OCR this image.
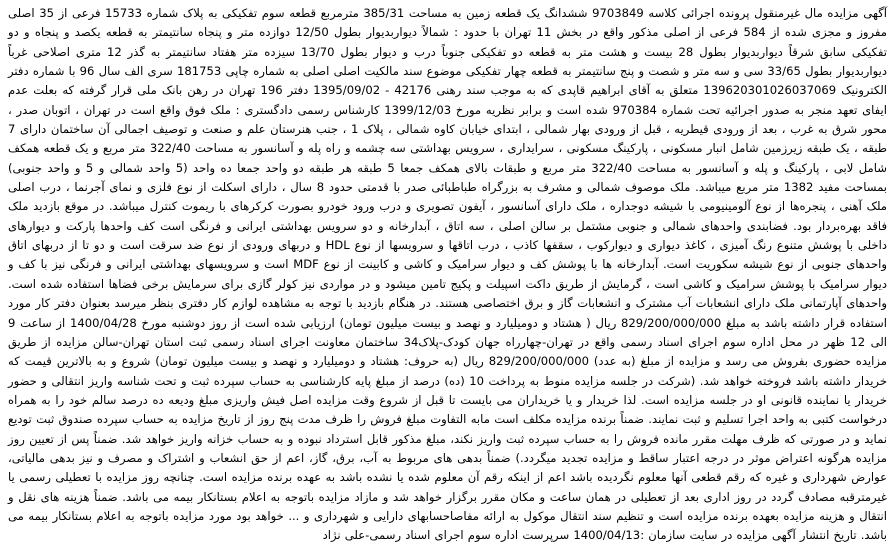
آگهی مزایده مال غیرمنقول پرونده اجرائی کلاسه 9703849 ششدانگ یک قطعه زمین به مساحت 385/31 مترمربع قطعه سوم تفکیکی به پلاک شماره 15733 فرعی از 35 اصلی مفروز و مجزی شده از 584 فرعی از اصلی مذکور واقع در بخش 11 تهران با حدود : شمالاً دیواربدیوار بطول 12/50 دوازده متر و پنجاه سانتیمتر به قطعه یکصد و پنجاه و دو تفکیکی سابق شرقاً دیواربدیوار بطول 28 بیست و هشت متر به قطعه دو تفکیکی جنوباً درب و دیوار بطول 13/70 سیزده متر هفتاد سانتیمتر به گذر 12 متری اصلاحی غرباً دیواربدیوار بطول 33/65 سی و سه متر و شصت و پنج سانتیمتر به قطعه چهار تفکیکی موضوع سند مالکیت اصلی اصلی به شماره چاپی 181753 سری الف سال 96 با شماره دفتر الکترونیک 139620301026037069 متعلق به آقای ابراهیم قاپدی که به موجب سند رهنی 42176 - 1395/09/02 دفتر 196 تهران در رهن بانک ملی قرار گرفته که بعلت عدم ایفای تعهد منجر به صدور اجرائیه تحت شماره 970384 شده است و برابر نظریه مورخ 1399/12/03 کارشناس رسمی دادگستری : ملک فوق واقع است در تهران ، اتوبان صدر ، محور شرق به غرب ، بعد از ورودی قیطریه ، قبل از ورودی بهار شمالی ، ابتدای خیابان کاوه شمالی ، پلاک 1 ، جنب هنرستان علم و صنعت و توصیف اجمالی آن ساختمان دارای 7 طبقه ، یک طبقه زیرزمین شامل انبار مسکونی ، پارکینگ مسکونی ، سرایداری ، سرویس بهداشتی سه چشمه و راه پله و آسانسور به مساحت 322/40 متر مربع و یک قطعه همکف شامل لابی ، پارکینگ و پله و آسانسور به مساحت 322/40 متر مربع و طبقات بالای همکف جمعا 5 طبقه هر طبقه دو واحد جمعا ده واحد (5 واحد شمالی و 5 و واحد جنوبی) بمساحت مفید 1382 متر مربع میباشد. ملک موصوف شمالی و مشرف به بزرگراه طباطبائی صدر با قدمتی حدود 8 سال ، دارای اسکلت از نوع فلزی و نمای آجرنما ، درب اصلی ملک آهنی ، پنجره‌ها از نوع آلومینیومی با شیشه دوجداره ، ملک دارای آسانسور ، آیفون تصویری و درب ورود خودرو بصورت کرکرهای با ریموت کنترل میباشد. در موقع بازدید ملک فاقد بهره‌بردار بود. فضابندی واحدهای شمالی و جنوبی مشتمل بر سالن اصلی ، سه اتاق ، آبدارخانه و دو سرویس بهداشتی ایرانی و فرنگی است کف واحدها پارکت و دیوارهای داخلی با پوشش متنوع رنگ آمیزی ، کاغذ دیواری و دیوارکوب ، سقفها کاذب ، درب اتاقها و سرویسها از نوع HDL و دربهای ورودی از نوع ضد سرقت است و دو تا از دربهای اتاق واحدهای جنوبی از نوع شیشه سکوریت است. آبدارخانه ها با پوشش کف و دیوار سرامیک و کاشی و کابینت از نوع MDF است و سرویسهای بهداشتی ایرانی و فرنگی نیز با کف و دیوار سرامیک با پوشش سرامیک و کاشی است ، گرمایش از طریق داکت اسپیلت و پکیج تامین میشود و در مواردی نیز کولر گازی برای سرمایش برخی فضاها استفاده شده است. واحدهای آپارتمانی ملک دارای انشعابات آب مشترک و انشعابات گاز و برق اختصاصی هستند. در هنگام بازدید با توجه به مشاهده لوازم کار دفتری بنظر میرسد بعنوان دفتر کار مورد استفاده قرار داشته باشد به مبلغ 829/200/000/000 ریال ( هشتاد و دومیلیارد و نهصد و بیست میلیون تومان) ارزیابی شده است از روز دوشنبه مورخ 1400/04/28 از ساعت 9 الی 12 ظهر در محل اداره سوم اجرای اسناد رسمی واقع در تهران-چهارراه جهان کودک-پلاک34 ساختمان معاونت اجرای اسناد رسمی ثبت استان تهران-سالن مزایده از طریق مزایده حضوری بفروش می رسد و مزایده از مبلغ (به عدد) 829/200/000/000 ریال (به حروف: هشتاد و دومیلیارد و نهصد و بیست میلیون تومان) شروع و به بالاترین قیمت که خریدار داشته باشد فروخته خواهد شد. (شرکت در جلسه مزایده منوط به پرداخت 10 (ده) درصد از مبلغ پایه کارشناسی به حساب سپرده ثبت و تحت شناسه واریز انتقالی و حضور خریدار یا نماینده قانونی او در جلسه مزایده است. لذا خریدار و یا خریداران می بایست تا قبل از شروع وقت مزایده اصل فیش واریزی مبلغ ودیعه ده درصد سالم خود را به همراه درخواست کتبی به واحد اجرا تسلیم و ثبت نمایند. ضمناً برنده مزایده مکلف است مابه التفاوت مبلغ فروش را ظرف مدت پنج روز از تاریخ مزایده به حساب سپرده صندوق ثبت تودیع نماید و در صورتی که ظرف مهلت مقرر مانده فروش را به حساب سپرده ثبت واریز نکند، مبلغ مذکور قابل استرداد نبوده و به حساب خزانه واریز خواهد شد. ضمناً پس از تعیین روز مزایده هرگونه اعتراض موثر در درجه اعتبار ساقط و مزایده تجدید میگردد.) ضمناً بدهی های مربوط به آب، برق، گاز، اعم از حق انشعاب و اشتراک و مصرف و نیز بدهی مالیاتی، عوارض شهرداری و غیره که رقم قطعی آنها معلوم نگردیده باشد اعم از اینکه رقم آن معلوم شده یا نشده باشد به عهده برنده مزایده است. چنانچه روز مزایده با تعطیلی رسمی یا غیرمترقبه مصادف گردد در روز اداری بعد از تعطیلی در همان ساعت و مکان مقرر برگزار خواهد شد و مازاد مزایده باتوجه به اعلام بستانکار بیمه می باشد. ضمناً هزینه های نقل و انتقال و هزینه مزایده بعهده برنده مزایده است و تنظیم سند انتقال موکول به ارائه مفاصاحسابهای دارایی و شهرداری و ... خواهد بود مورد مزایده باتوجه به اعلام بستانکار بیمه می باشد. تاریخ انتشار آگهی مزایده در سایت سازمان :1400/04/13 سرپرست اداره سوم اجرای اسناد رسمی-علی نژاد
